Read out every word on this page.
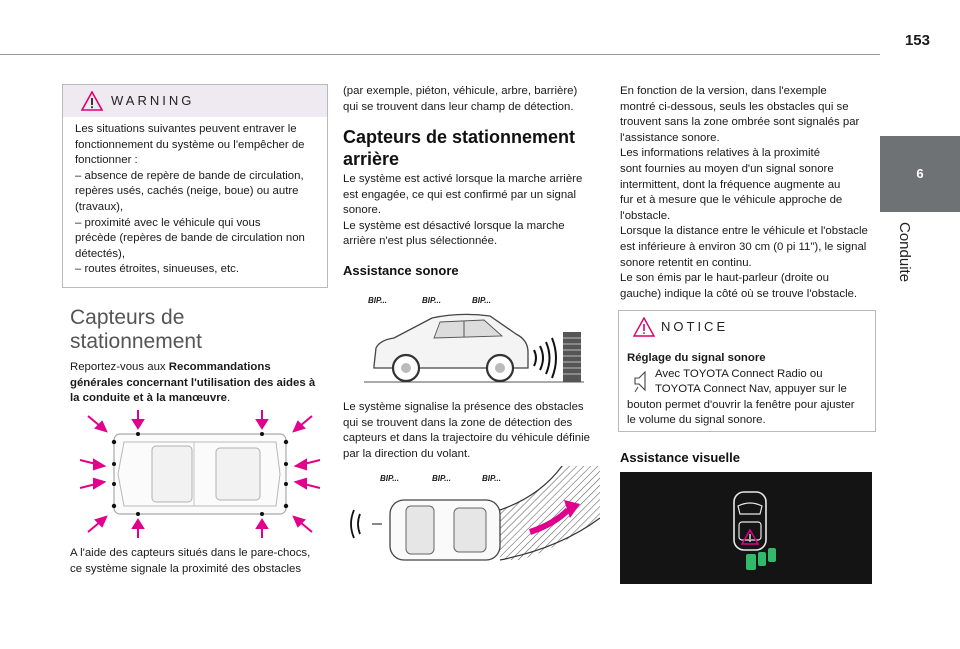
153
6
Conduite
WARNING

Les situations suivantes peuvent entraver le

fonctionnement du système ou l'empêcher de

fonctionner :

– absence de repère de bande de circulation,

repères usés, cachés (neige, boue) ou autre

(travaux),

– proximité avec le véhicule qui vous

précède (repères de bande de circulation non

détectés),

– routes étroites, sinueuses, etc.

Capteurs de
stationnement

Reportez-vous aux Recommandations

générales concernant l'utilisation des aides à

la conduite et à la manœuvre.

A l'aide des capteurs situés dans le pare-chocs,

ce système signale la proximité des obstacles

(par exemple, piéton, véhicule, arbre, barrière)

qui se trouvent dans leur champ de détection.

Capteurs de stationnement
arrière

Le système est activé lorsque la marche arrière

est engagée, ce qui est confirmé par un signal

sonore.

Le système est désactivé lorsque la marche

arrière n'est plus sélectionnée.

Assistance sonore
BIP...	BIP...	BIP...

Le système signalise la présence des obstacles

qui se trouvent dans la zone de détection des

capteurs et dans la trajectoire du véhicule définie

par la direction du volant.

BIP...	BIP...	BIP...

En fonction de la version, dans l'exemple

montré ci-dessous, seuls les obstacles qui se

trouvent sans la zone ombrée sont signalés par

l'assistance sonore.

Les informations relatives à la proximité

sont fournies au moyen d'un signal sonore

intermittent, dont la fréquence augmente au

fur et à mesure que le véhicule approche de

l'obstacle.

Lorsque la distance entre le véhicule et l'obstacle

est inférieure à environ 30 cm (0 pi 11"), le signal

sonore retentit en continu.

Le son émis par le haut-parleur (droite ou

gauche) indique la côté où se trouve l'obstacle.

NOTICE

Réglage du signal sonore

Avec TOYOTA Connect Radio ou

TOYOTA Connect Nav, appuyer sur le

bouton permet d'ouvrir la fenêtre pour ajuster

le volume du signal sonore.

Assistance visuelle
